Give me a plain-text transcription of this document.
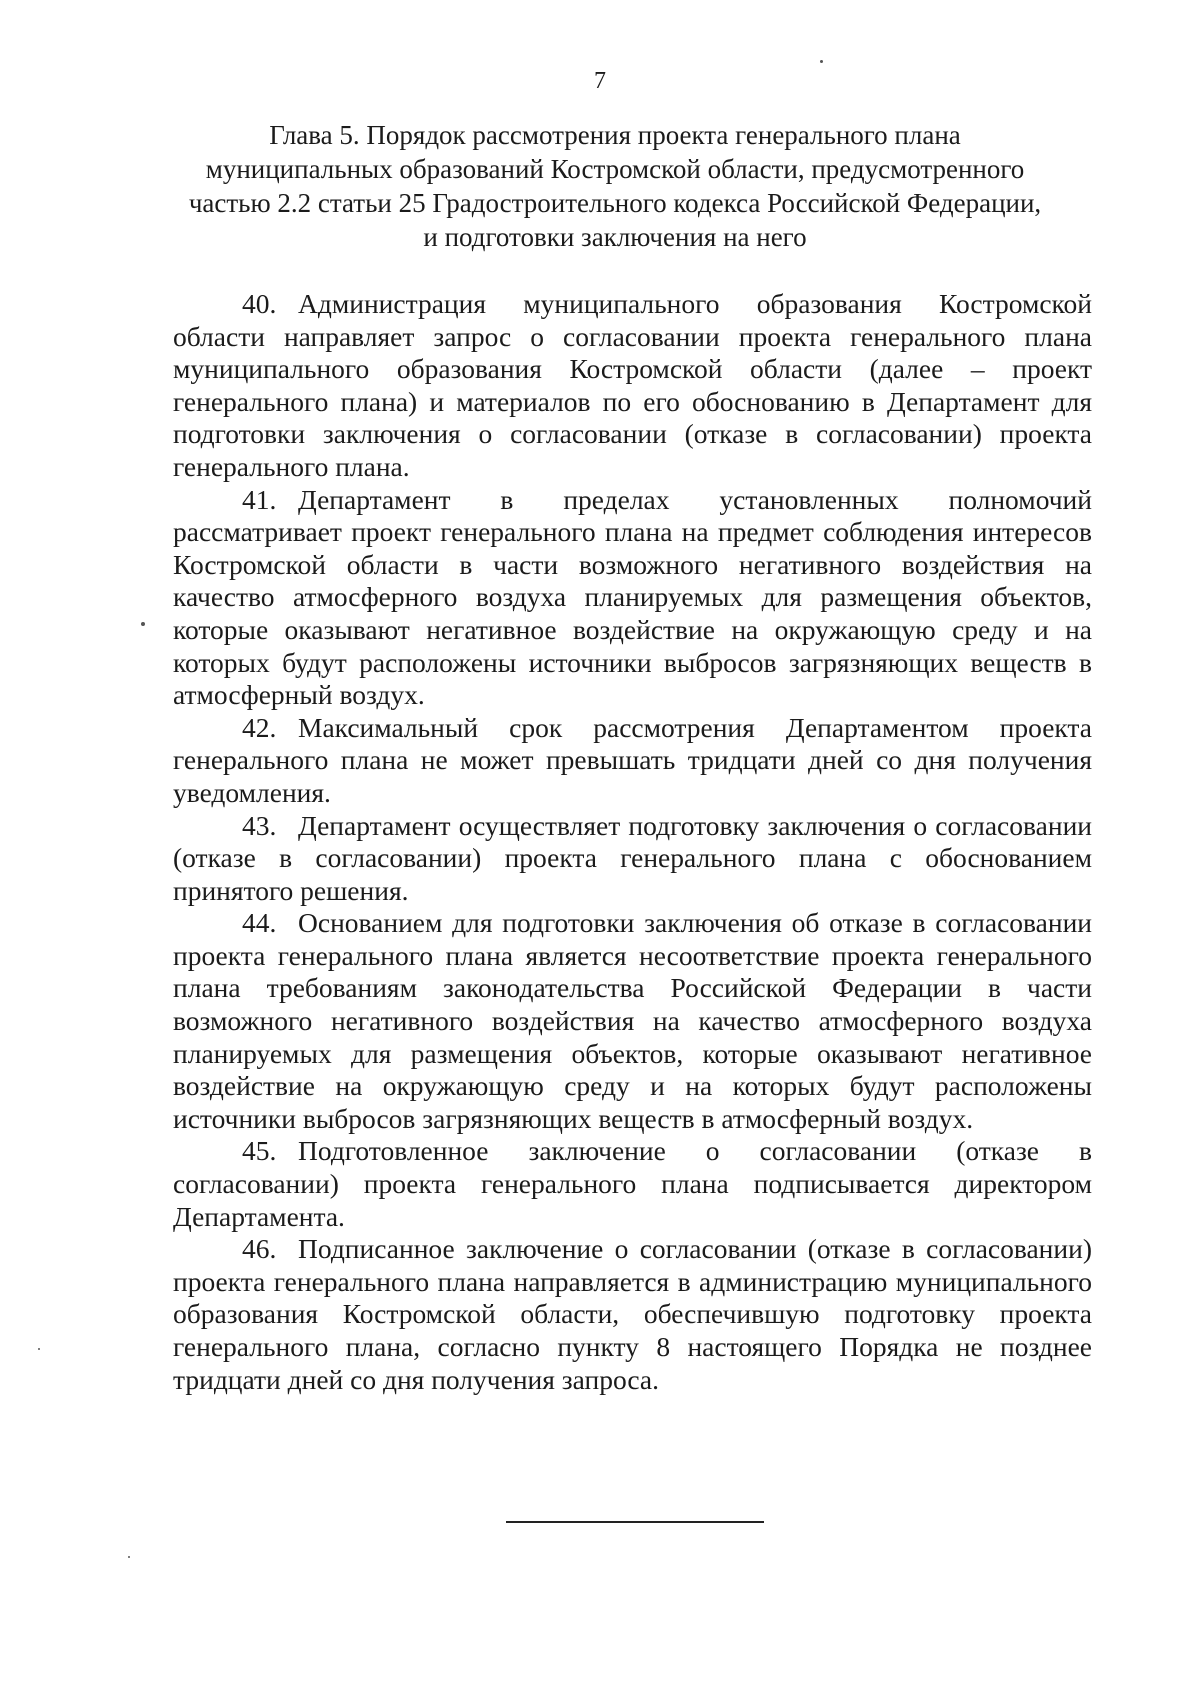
7
Глава 5. Порядок рассмотрения проекта генерального плана
муниципальных образований Костромской области, предусмотренного
частью 2.2 статьи 25 Градостроительного кодекса Российской Федерации,
и подготовки заключения на него

40. Администрация муниципального образования Костромской области направляет запрос о согласовании проекта генерального плана муниципального образования Костромской области (далее – проект генерального плана) и материалов по его обоснованию в Департамент для подготовки заключения о согласовании (отказе в согласовании) проекта генерального плана.

41. Департамент в пределах установленных полномочий рассматривает проект генерального плана на предмет соблюдения интересов Костромской области в части возможного негативного воздействия на качество атмосферного воздуха планируемых для размещения объектов, которые оказывают негативное воздействие на окружающую среду и на которых будут расположены источники выбросов загрязняющих веществ в атмосферный воздух.

42. Максимальный срок рассмотрения Департаментом проекта генерального плана не может превышать тридцати дней со дня получения уведомления.

43. Департамент осуществляет подготовку заключения о согласовании (отказе в согласовании) проекта генерального плана с обоснованием принятого решения.

44. Основанием для подготовки заключения об отказе в согласовании проекта генерального плана является несоответствие проекта генерального плана требованиям законодательства Российской Федерации в части возможного негативного воздействия на качество атмосферного воздуха планируемых для размещения объектов, которые оказывают негативное воздействие на окружающую среду и на которых будут расположены источники выбросов загрязняющих веществ в атмосферный воздух.

45. Подготовленное заключение о согласовании (отказе в согласовании) проекта генерального плана подписывается директором Департамента.

46. Подписанное заключение о согласовании (отказе в согласовании) проекта генерального плана направляется в администрацию муниципального образования Костромской области, обеспечившую подготовку проекта генерального плана, согласно пункту 8 настоящего Порядка не позднее тридцати дней со дня получения запроса.
